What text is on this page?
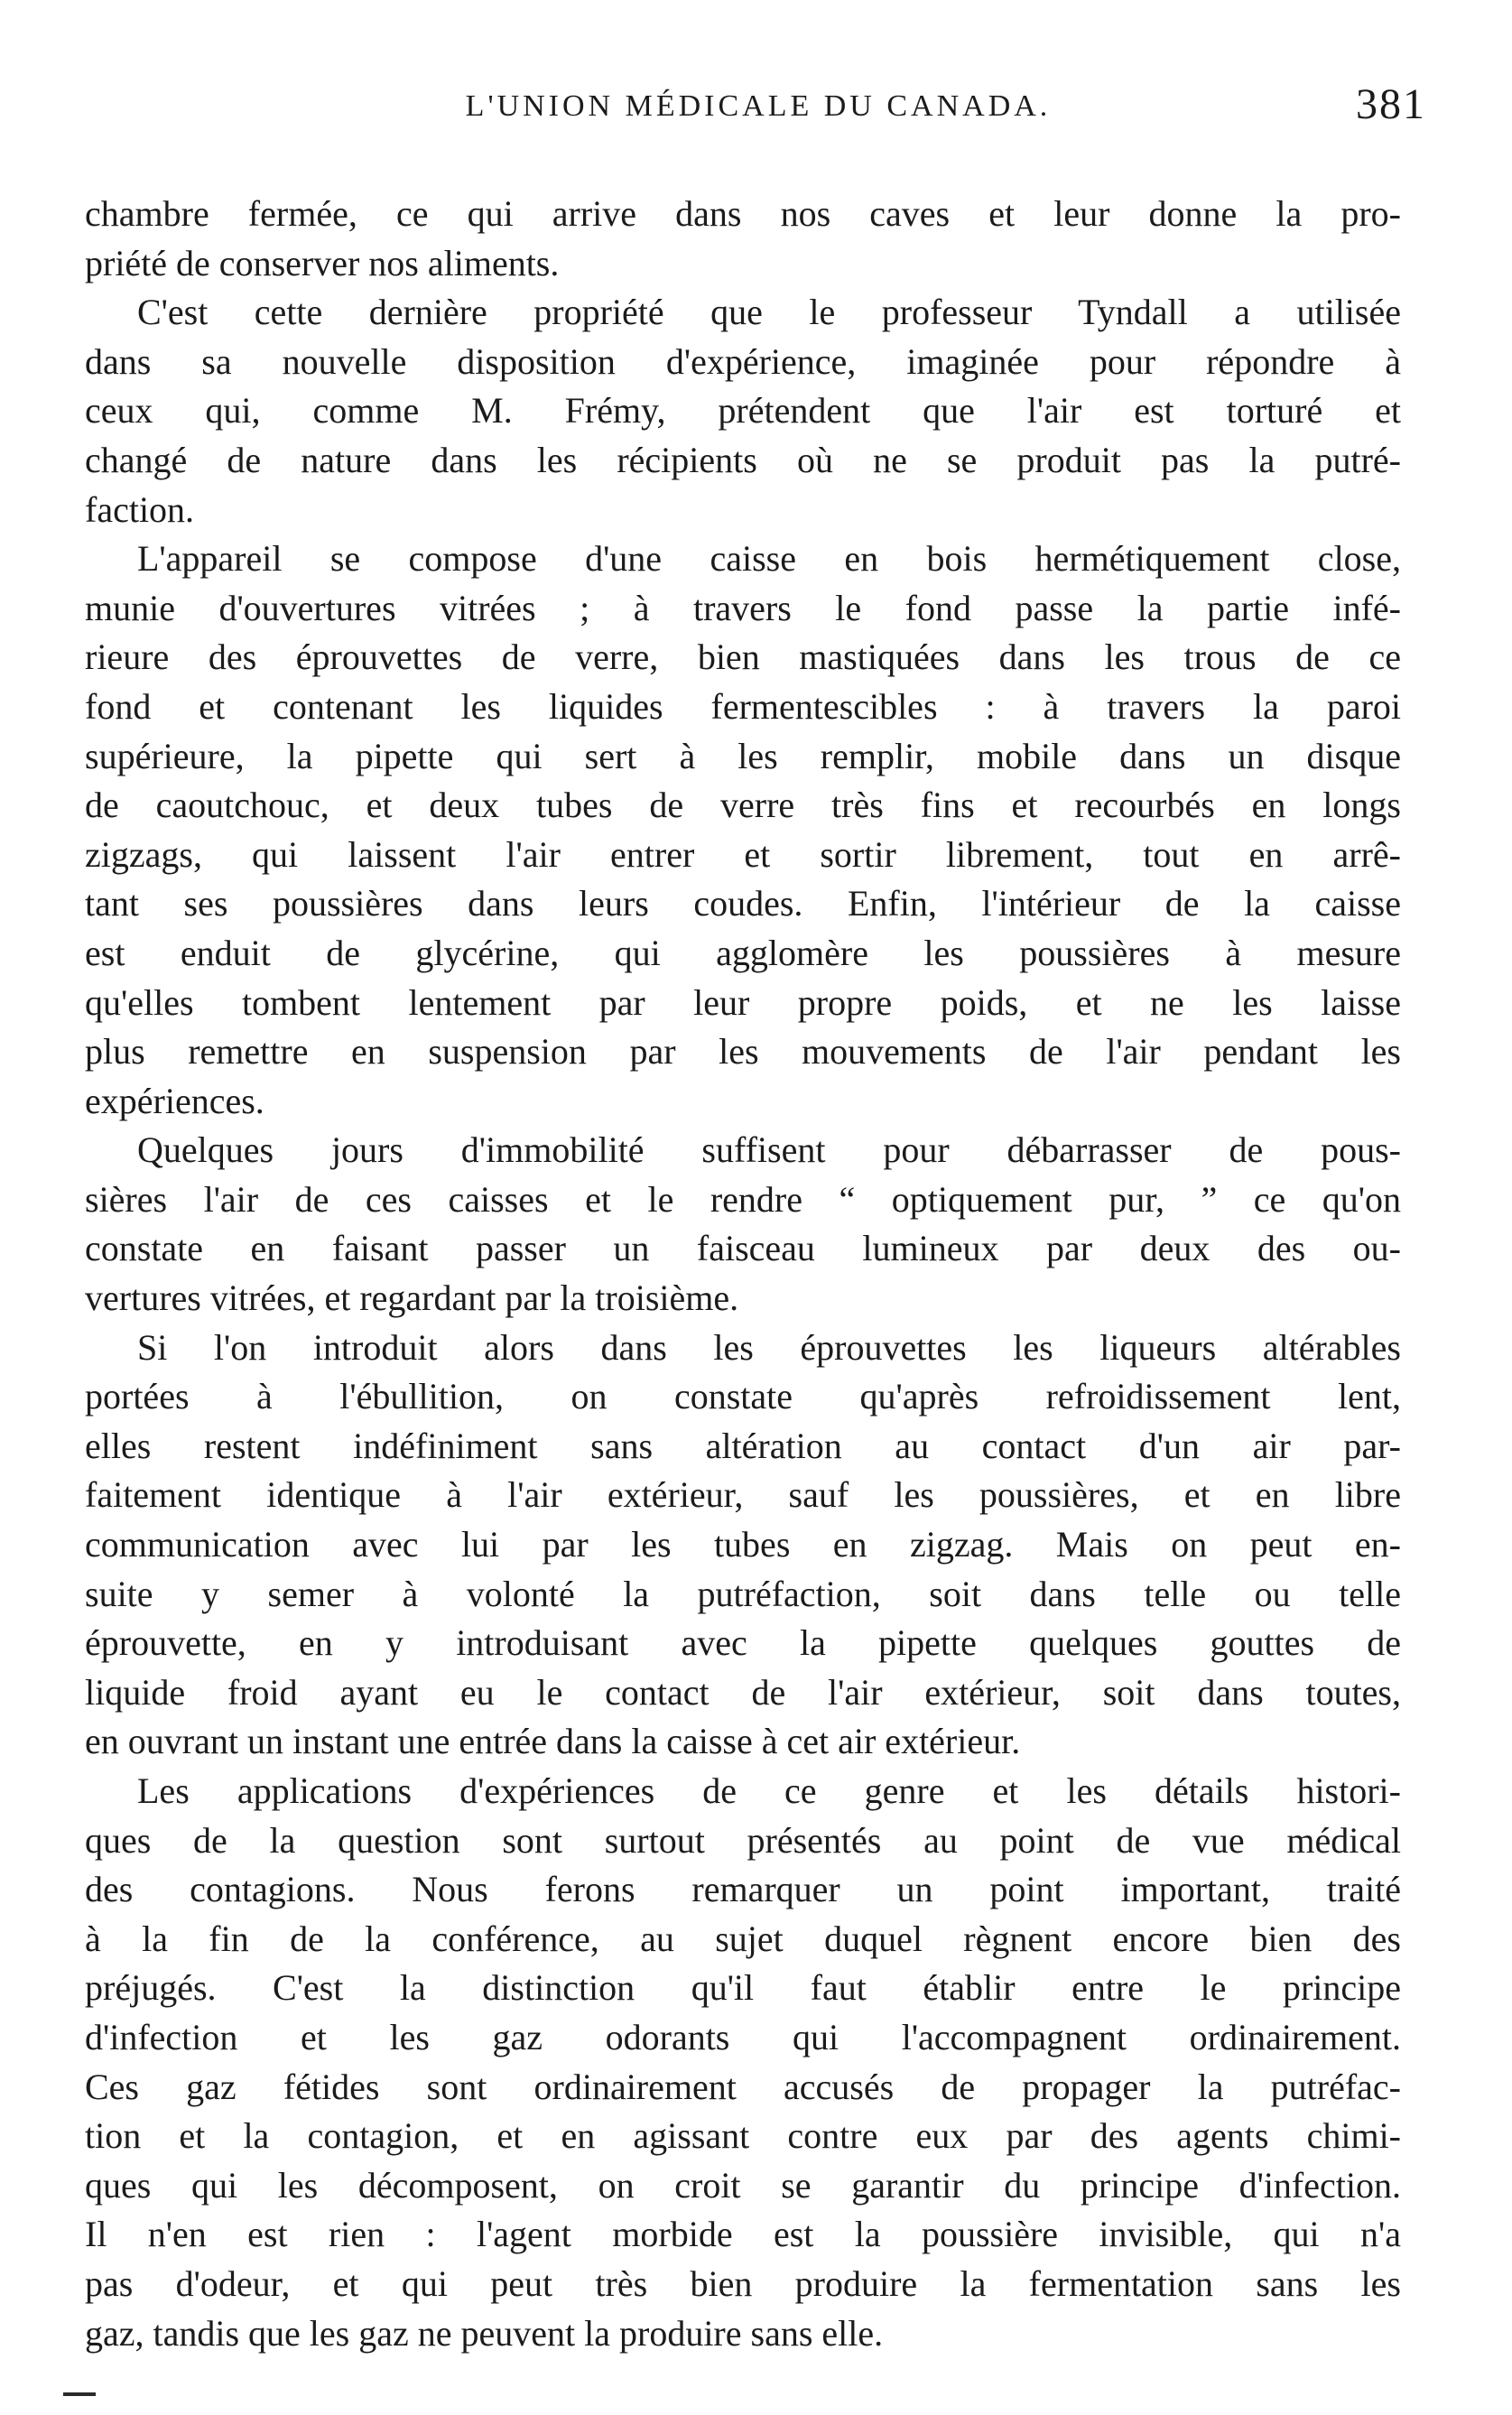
L'UNION MÉDICALE DU CANADA.	381
chambre fermée, ce qui arrive dans nos caves et leur donne la pro-
priété de conserver nos aliments.
C'est cette dernière propriété que le professeur Tyndall a utilisée
dans sa nouvelle disposition d'expérience, imaginée pour répondre à
ceux qui, comme M. Frémy, prétendent que l'air est torturé et
changé de nature dans les récipients où ne se produit pas la putré-
faction.
L'appareil se compose d'une caisse en bois hermétiquement close,
munie d'ouvertures vitrées ; à travers le fond passe la partie infé-
rieure des éprouvettes de verre, bien mastiquées dans les trous de ce
fond et contenant les liquides fermentescibles : à travers la paroi
supérieure, la pipette qui sert à les remplir, mobile dans un disque
de caoutchouc, et deux tubes de verre très fins et recourbés en longs
zigzags, qui laissent l'air entrer et sortir librement, tout en arrê-
tant ses poussières dans leurs coudes. Enfin, l'intérieur de la caisse
est enduit de glycérine, qui agglomère les poussières à mesure
qu'elles tombent lentement par leur propre poids, et ne les laisse
plus remettre en suspension par les mouvements de l'air pendant les
expériences.
Quelques jours d'immobilité suffisent pour débarrasser de pous-
sières l'air de ces caisses et le rendre “ optiquement pur, ” ce qu'on
constate en faisant passer un faisceau lumineux par deux des ou-
vertures vitrées, et regardant par la troisième.
Si l'on introduit alors dans les éprouvettes les liqueurs altérables
portées à l'ébullition, on constate qu'après refroidissement lent,
elles restent indéfiniment sans altération au contact d'un air par-
faitement identique à l'air extérieur, sauf les poussières, et en libre
communication avec lui par les tubes en zigzag. Mais on peut en-
suite y semer à volonté la putréfaction, soit dans telle ou telle
éprouvette, en y introduisant avec la pipette quelques gouttes de
liquide froid ayant eu le contact de l'air extérieur, soit dans toutes,
en ouvrant un instant une entrée dans la caisse à cet air extérieur.
Les applications d'expériences de ce genre et les détails histori-
ques de la question sont surtout présentés au point de vue médical
des contagions. Nous ferons remarquer un point important, traité
à la fin de la conférence, au sujet duquel règnent encore bien des
préjugés. C'est la distinction qu'il faut établir entre le principe
d'infection et les gaz odorants qui l'accompagnent ordinairement.
Ces gaz fétides sont ordinairement accusés de propager la putréfac-
tion et la contagion, et en agissant contre eux par des agents chimi-
ques qui les décomposent, on croit se garantir du principe d'infection.
Il n'en est rien : l'agent morbide est la poussière invisible, qui n'a
pas d'odeur, et qui peut très bien produire la fermentation sans les
gaz, tandis que les gaz ne peuvent la produire sans elle.
